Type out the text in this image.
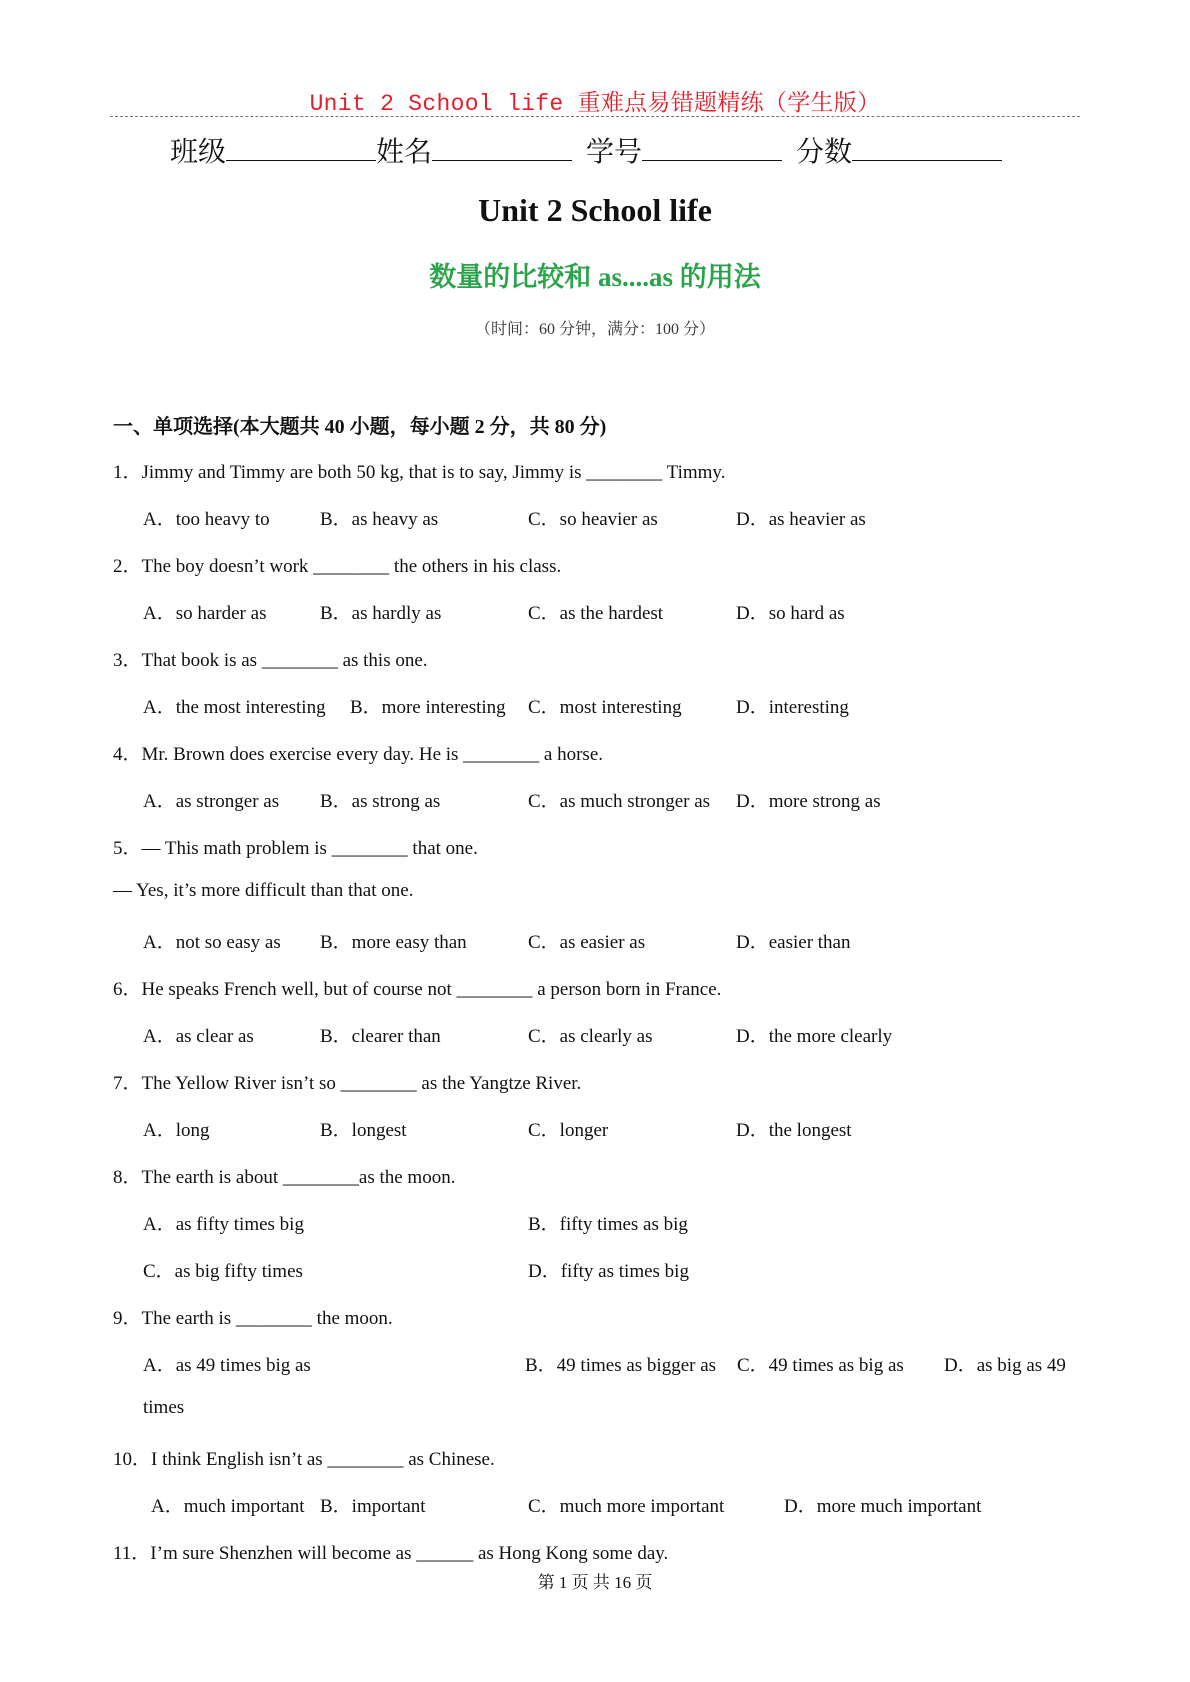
Unit 2 School life 重难点易错题精练（学生版）
班级	姓名	学号	分数
Unit 2 School life
数量的比较和 as....as 的用法
（时间：60 分钟，满分：100 分）
一、单项选择(本大题共 40 小题，每小题 2 分，共 80 分)
1．Jimmy and Timmy are both 50 kg, that is to say, Jimmy is ________ Timmy.
A．too heavy to	B．as heavy as	C．so heavier as	D．as heavier as
2．The boy doesn’t work ________ the others in his class.
A．so harder as	B．as hardly as	C．as the hardest	D．so hard as
3．That book is as ________ as this one.
A．the most interesting B．more interesting C．most interesting	D．interesting
4．Mr. Brown does exercise every day. He is ________ a horse.
A．as stronger as B．as strong as	C．as much stronger as D．more strong as
5．— This math problem is ________ that one.
— Yes, it’s more difficult than that one.
A．not so easy as B．more easy than	C．as easier as	D．easier than
6．He speaks French well, but of course not ________ a person born in France.
A．as clear as	B．clearer than	C．as clearly as	D．the more clearly
7．The Yellow River isn’t so ________ as the Yangtze River.
A．long	B．longest	C．longer	D．the longest
8．The earth is about ________as the moon.
A．as fifty times big	B．fifty times as big
C．as big fifty times	D．fifty as times big
9．The earth is ________ the moon.
A．as 49 times big as	B．49 times as bigger as C．49 times as big as D．as big as 49
times
10．I think English isn’t as ________ as Chinese.
A．much important B．important	C．much more important	D．more much important
11．I’m sure Shenzhen will become as ______ as Hong Kong some day.
第 1 页 共 16 页
